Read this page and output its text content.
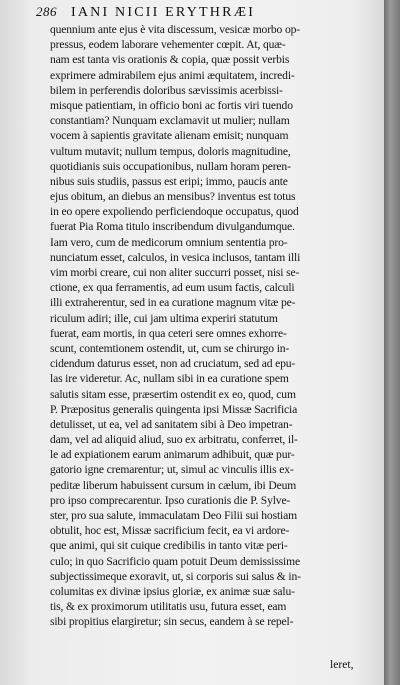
286 IANI NICII ERYTHRÆI
quennium ante ejus è vita discessum, vesicæ morbo op-
pressus, eodem laborare vehementer cœpit. At, quæ-
nam est tanta vis orationis & copia, quæ possit verbis
exprimere admirabilem ejus animi æquitatem, incredi-
bilem in perferendis doloribus sævissimis acerbissi-
misque patientiam, in officio boni ac fortis viri tuendo
constantiam? Nunquam exclamavit ut mulier; nullam
vocem à sapientis gravitate alienam emisit; nunquam
vultum mutavit; nullum tempus, doloris magnitudine,
quotidianis suis occupationibus, nullam horam peren-
nibus suis studiis, passus est eripi; immo, paucis ante
ejus obitum, an diebus an mensibus? inventus est totus
in eo opere expoliendo perficiendoque occupatus, quod
fuerat Pia Roma titulo inscribendum divulgandumque.
Iam vero, cum de medicorum omnium sententia pro-
nunciatum esset, calculos, in vesica inclusos, tantam illi
vim morbi creare, cui non aliter succurri posset, nisi se-
ctione, ex qua ferramentis, ad eum usum factis, calculi
illi extraherentur, sed in ea curatione magnum vitæ pe-
riculum adiri; ille, cui jam ultima experiri statutum
fuerat, eam mortis, in qua ceteri sere omnes exhorre-
scunt, contemtionem ostendit, ut, cum se chirurgo in-
cidendum daturus esset, non ad cruciatum, sed ad epu-
las ire videretur. Ac, nullam sibi in ea curatione spem
salutis sitam esse, præsertim ostendit ex eo, quod, cum
P. Præpositus generalis quingenta ipsi Missæ Sacrificia
detulisset, ut ea, vel ad sanitatem sibi à Deo impetran-
dam, vel ad aliquid aliud, suo ex arbitratu, conferret, il-
le ad expiationem earum animarum adhibuit, quæ pur-
gatorio igne cremarentur; ut, simul ac vinculis illis ex-
peditæ liberum habuissent cursum in cælum, ibi Deum
pro ipso comprecarentur. Ipso curationis die P. Sylve-
ster, pro sua salute, immaculatam Deo Filii sui hostiam
obtulit, hoc est, Missæ sacrificium fecit, ea vi ardore-
que animi, qui sit cuique credibilis in tanto vitæ peri-
culo; in quo Sacrificio quam potuit Deum demississime
subjectissimeque exoravit, ut, si corporis sui salus & in-
columitas ex divinæ ipsius gloriæ, ex animæ suæ salu-
tis, & ex proximorum utilitatis usu, futura esset, eam
sibi propitius elargiretur; sin secus, eandem à se repel-
leret,
